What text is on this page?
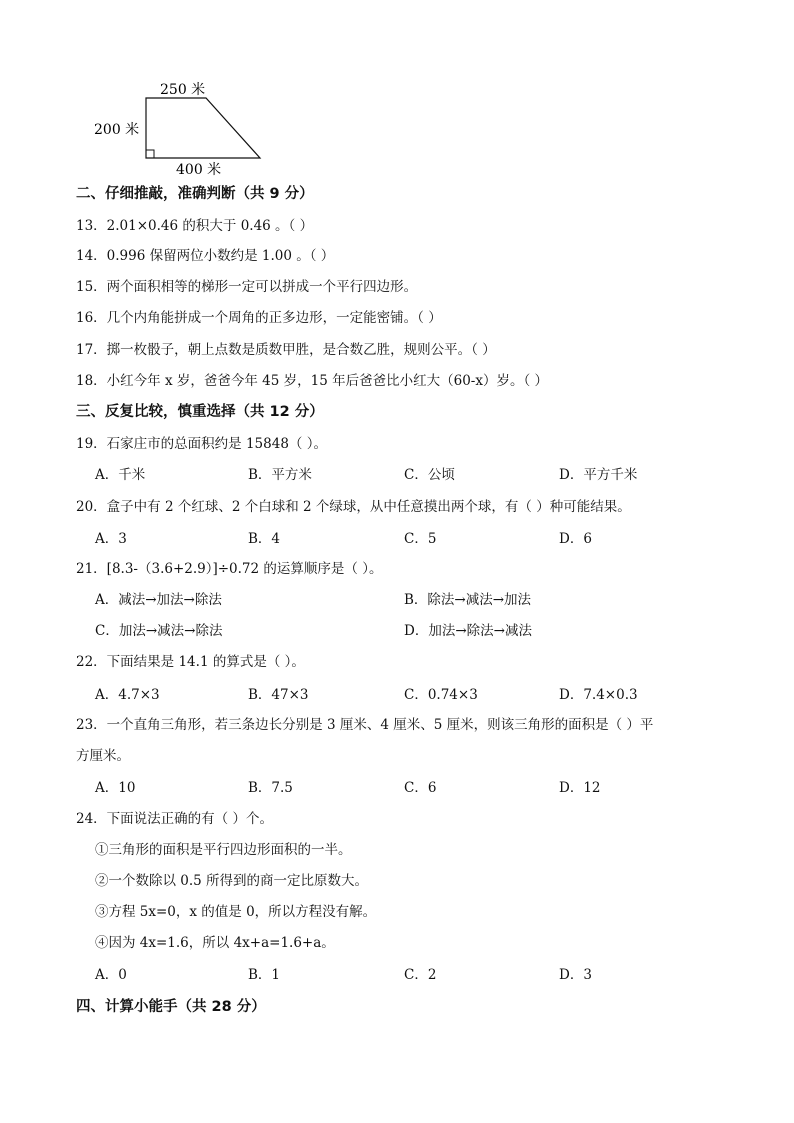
250 米
200 米
400 米
二、仔细推敲，准确判断（共 9 分）
13．2.01×0.46 的积大于 0.46 。（ ）
14．0.996 保留两位小数约是 1.00 。（ ）
15．两个面积相等的梯形一定可以拼成一个平行四边形。
16．几个内角能拼成一个周角的正多边形，一定能密铺。（ ）
17．掷一枚骰子，朝上点数是质数甲胜，是合数乙胜，规则公平。（ ）
18．小红今年 x 岁，爸爸今年 45 岁，15 年后爸爸比小红大（60-x）岁。（ ）
三、反复比较，慎重选择（共 12 分）
19．石家庄市的总面积约是 15848（ ）。
A．千米	B．平方米	C．公顷	D．平方千米
20．盒子中有 2 个红球、2 个白球和 2 个绿球，从中任意摸出两个球，有（ ）种可能结果。
A．3	B．4	C．5	D．6
21．[8.3-（3.6+2.9）]÷0.72 的运算顺序是（ ）。
A．减法→加法→除法	B．除法→减法→加法
C．加法→减法→除法	D．加法→除法→减法
22．下面结果是 14.1 的算式是（ ）。
A．4.7×3	B．47×3	C．0.74×3	D．7.4×0.3
23．一个直角三角形，若三条边长分别是 3 厘米、4 厘米、5 厘米，则该三角形的面积是（ ）平
方厘米。
A．10	B．7.5	C．6	D．12
24．下面说法正确的有（ ）个。
①三角形的面积是平行四边形面积的一半。
②一个数除以 0.5 所得到的商一定比原数大。
③方程 5x=0，x 的值是 0，所以方程没有解。
④因为 4x=1.6，所以 4x+a=1.6+a。
A．0	B．1	C．2	D．3
四、计算小能手（共 28 分）
